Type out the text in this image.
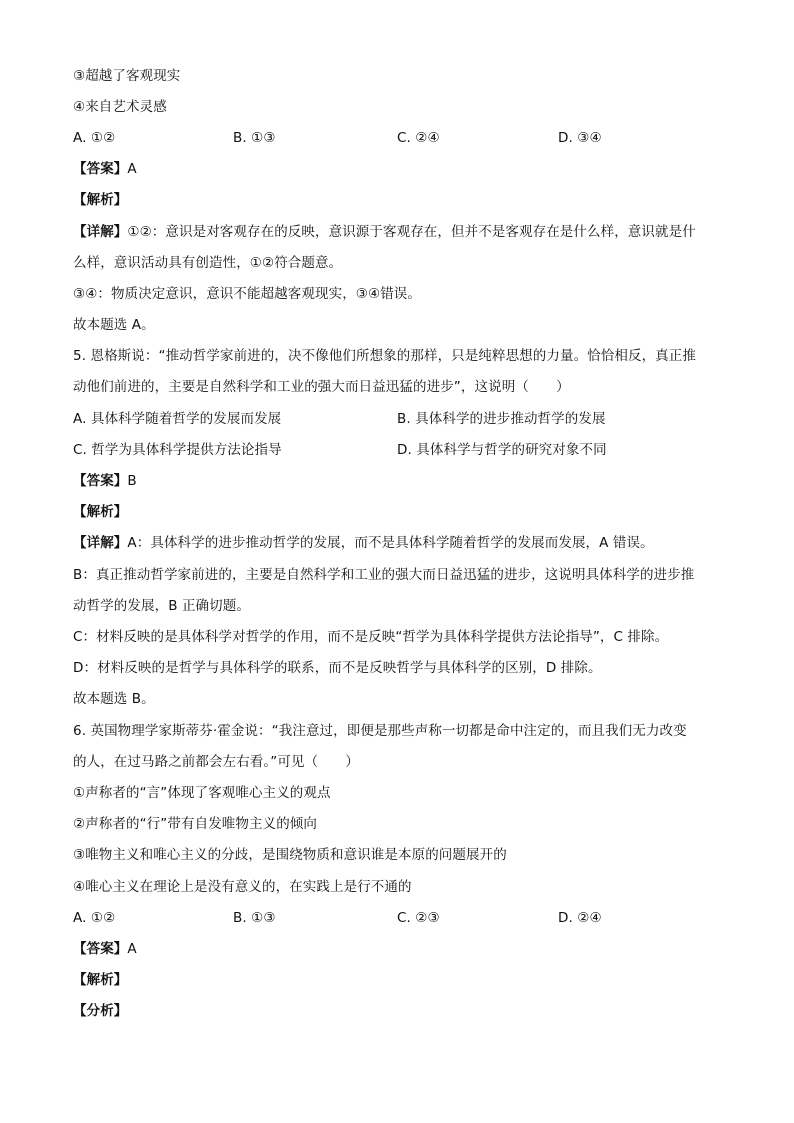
③超越了客观现实
④来自艺术灵感
A. ①②	B. ①③	C. ②④	D. ③④
【答案】A
【解析】
【详解】①②：意识是对客观存在的反映，意识源于客观存在，但并不是客观存在是什么样，意识就是什
么样，意识活动具有创造性，①②符合题意。
③④：物质决定意识，意识不能超越客观现实，③④错误。
故本题选 A。
5. 恩格斯说：“推动哲学家前进的，决不像他们所想象的那样，只是纯粹思想的力量。恰恰相反，真正推
动他们前进的，主要是自然科学和工业的强大而日益迅猛的进步”，这说明（　　）
A. 具体科学随着哲学的发展而发展	B. 具体科学的进步推动哲学的发展
C. 哲学为具体科学提供方法论指导	D. 具体科学与哲学的研究对象不同
【答案】B
【解析】
【详解】A：具体科学的进步推动哲学的发展，而不是具体科学随着哲学的发展而发展，A 错误。
B：真正推动哲学家前进的，主要是自然科学和工业的强大而日益迅猛的进步，这说明具体科学的进步推
动哲学的发展，B 正确切题。
C：材料反映的是具体科学对哲学的作用，而不是反映“哲学为具体科学提供方法论指导”，C 排除。
D：材料反映的是哲学与具体科学的联系，而不是反映哲学与具体科学的区别，D 排除。
故本题选 B。
6. 英国物理学家斯蒂芬·霍金说：“我注意过，即便是那些声称一切都是命中注定的，而且我们无力改变
的人，在过马路之前都会左右看。”可见（　　）
①声称者的“言”体现了客观唯心主义的观点
②声称者的“行”带有自发唯物主义的倾向
③唯物主义和唯心主义的分歧，是围绕物质和意识谁是本原的问题展开的
④唯心主义在理论上是没有意义的，在实践上是行不通的
A. ①②	B. ①③	C. ②③	D. ②④
【答案】A
【解析】
【分析】
